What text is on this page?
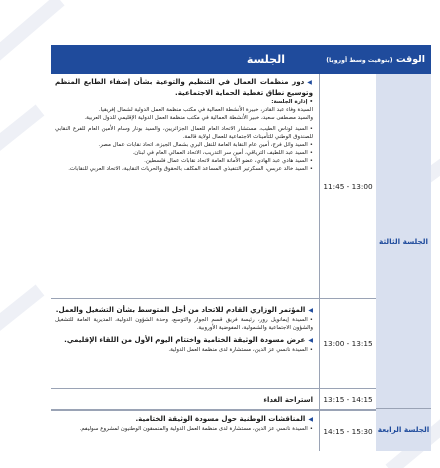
الوقت (بتوقيت وسط أوروبا)
الجلسة
الجلسة الثالثة
الجلسة الرابعة
11:45 - 13:00
◀دور منظمات العمال في التنظيم والتوعية بشأن إضفاء الطابع المنظم وتوسيع نطاق تغطية الحماية الاجتماعية.

•إدارة الجلسة:

السيدة وفاء عبد القادر، خبيرة الأنشطة العمالية في مكتب منظمة العمل الدولية لشمال إفريقيا.

والسيد مصطفى سعيد، خبير الأنشطة العمالية في مكتب منظمة العمل الدولية الإقليمي للدول العربية.

•السيد لوناس الطيب، مستشار الاتحاد العام للعمال الجزائريين، والسيد بونار وسام الأمين العام للفرع النقابي للصندوق الوطني للتأمينات الاجتماعية للعمال لولاية قالمة.

•السيد وائل فرج، أمين عام النقابة العامة للنقل البري بشمال الجيزة، اتحاد نقابات عمال مصر.

•السيد عبد اللطيف الترياقي، أمين سر التدريب، الاتحاد العمالي العام في لبنان.

•السيد هادي عبد الهادي، عضو الأمانة العامة لاتحاد نقابات عمال فلسطين.

•السيد خالد عربس، السكرتير التنفيذي المساعد المكلف بالحقوق والحريات النقابية، الاتحاد العربي للنقابات.

13:00 - 13:15
◀المؤتمر الوزاري القادم للاتحاد من أجل المتوسط بشأن التشغيل والعمل.

•السيدة إيمانويل رور، رئيسة فريق قسم الجوار والتوسع، وحدة الشؤون الدولية، المديرية العامة للتشغيل والشؤون الاجتماعية والشمولية، المفوضية الأوروبية.

◀عرض مسودة الوثيقة الختامية واختتام اليوم الأول من اللقاء الإقليمي.

•السيدة نانسي عز الدين، مستشارة لدى منظمة العمل الدولية.

13:15 - 14:15
استراحة الغداء
14:15 - 15:30
◀المناقشات الوطنية حول مسودة الوثيقة الختامية.

•السيدة نانسي عز الدين، مستشارة لدى منظمة العمل الدولية والمنسقون الوطنيون لمشروع سوليفم.
